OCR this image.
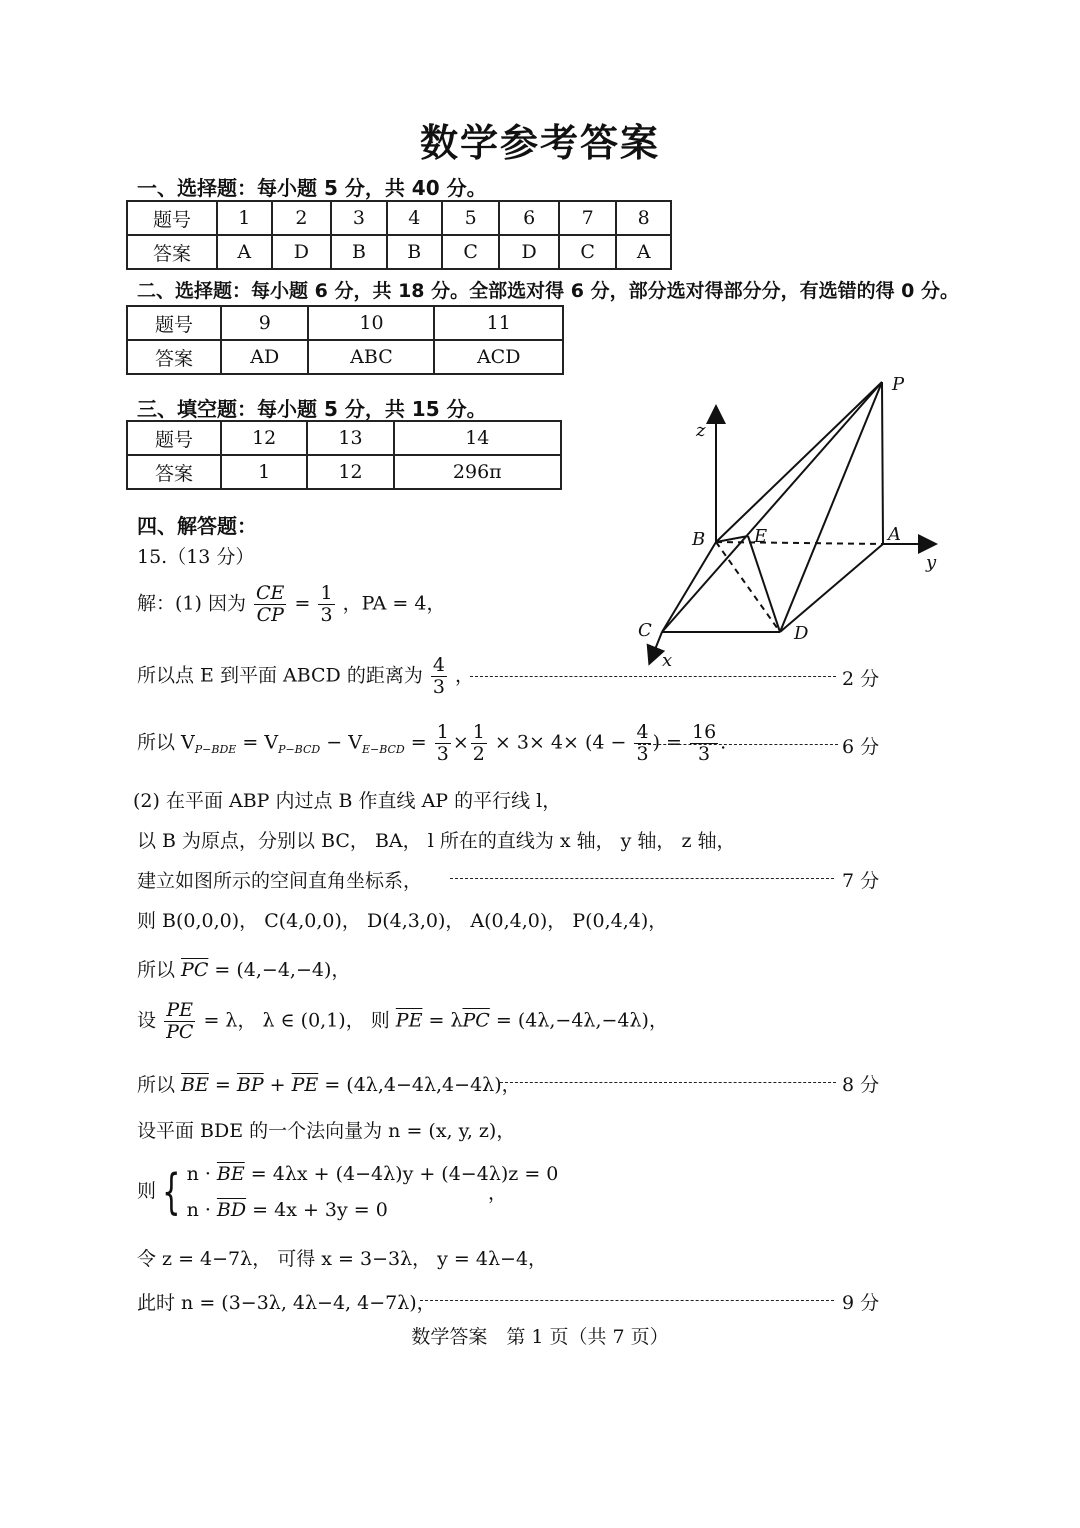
数学参考答案
一、选择题：每小题 5 分，共 40 分。
题号	1	2	3	4	5	6	7	8
答案	A	D	B	B	C	D	C	A
二、选择题：每小题 6 分，共 18 分。全部选对得 6 分，部分选对得部分分，有选错的得 0 分。
题号	9	10	11
答案	AD	ABC	ACD
三、填空题：每小题 5 分，共 15 分。
题号	12	13	14
答案	1	12	296π
四、解答题：
15.（13 分）
P
z
B	E	A
y
C	D
x
解：(1) 因为 $\frac{CE}{CP} = \frac{1}{3}$ ，PA = 4，
所以点 E 到平面 ABCD 的距离为 $\frac{4}{3}$ ，	2 分
所以 $V_{P-BDE} = V_{P-BCD} - V_{E-BCD} = \frac{1}{3} \times \frac{1}{2} \times 3\times 4\times (4 - \frac{4}{3}$ ) = $\frac{16}{3}$ .	6 分
(2) 在平面 ABP 内过点 B 作直线 AP 的平行线 l，
以 B 为原点，分别以 BC， BA， l 所在的直线为 x 轴， y 轴， z 轴，
建立如图所示的空间直角坐标系，	7 分
则 B(0,0,0)， C(4,0,0)， D(4,3,0)， A(0,4,0)， P(0,4,4)，
所以 $\overline{PC} = (4,-4,-4)$，
设 $\frac{PE}{PC} = \lambda$， λ ∈ (0,1)， 则 $\overline{PE} = \lambda\overline{PC} = (4\lambda,-4\lambda,-4\lambda)$，
所以 $\overline{BE} = \overline{BP} + \overline{PE} = (4\lambda,4-4\lambda,4-4\lambda)$，	8 分
设平面 BDE 的一个法向量为 n = (x, y, z)，
则 { $n \cdot \overline{BE} = 4\lambda x + (4-4\lambda)y + (4-4\lambda)z = 0$
$n \cdot \overline{BD} = 4x + 3y = 0$
，
令 z = 4−7λ， 可得 x = 3−3λ， y = 4λ−4，
此时 n = (3−3λ, 4λ−4, 4−7λ)，	9 分
数学答案　第 1 页（共 7 页）
